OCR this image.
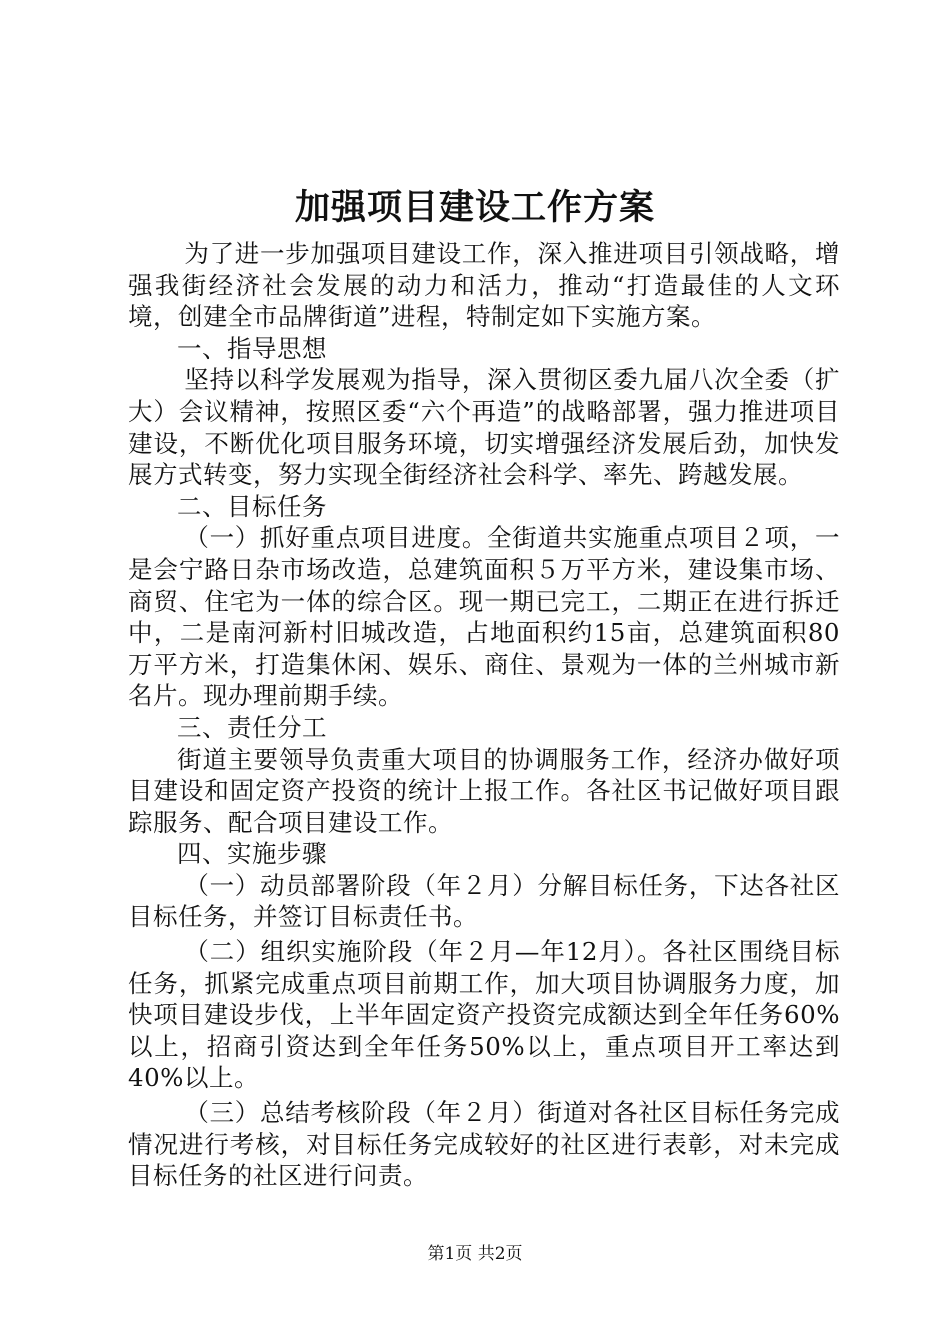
加强项目建设工作方案

为了进一步加强项目建设工作，深入推进项目引领战略，增强我街经济社会发展的动力和活力，推动“打造最佳的人文环境，创建全市品牌街道”进程，特制定如下实施方案。

一、指导思想

坚持以科学发展观为指导，深入贯彻区委九届八次全委（扩大）会议精神，按照区委“六个再造”的战略部署，强力推进项目建设，不断优化项目服务环境，切实增强经济发展后劲，加快发展方式转变，努力实现全街经济社会科学、率先、跨越发展。

二、目标任务

（一）抓好重点项目进度。全街道共实施重点项目２项，一是会宁路日杂市场改造，总建筑面积５万平方米，建设集市场、商贸、住宅为一体的综合区。现一期已完工，二期正在进行拆迁中，二是南河新村旧城改造，占地面积约15亩，总建筑面积80万平方米，打造集休闲、娱乐、商住、景观为一体的兰州城市新名片。现办理前期手续。

三、责任分工

街道主要领导负责重大项目的协调服务工作，经济办做好项目建设和固定资产投资的统计上报工作。各社区书记做好项目跟踪服务、配合项目建设工作。

四、实施步骤

（一）动员部署阶段（年２月）分解目标任务，下达各社区目标任务，并签订目标责任书。

（二）组织实施阶段（年２月—年12月）。各社区围绕目标任务，抓紧完成重点项目前期工作，加大项目协调服务力度，加快项目建设步伐，上半年固定资产投资完成额达到全年任务60%以上，招商引资达到全年任务50%以上，重点项目开工率达到40%以上。

（三）总结考核阶段（年２月）街道对各社区目标任务完成情况进行考核，对目标任务完成较好的社区进行表彰，对未完成目标任务的社区进行问责。

第1页 共2页
